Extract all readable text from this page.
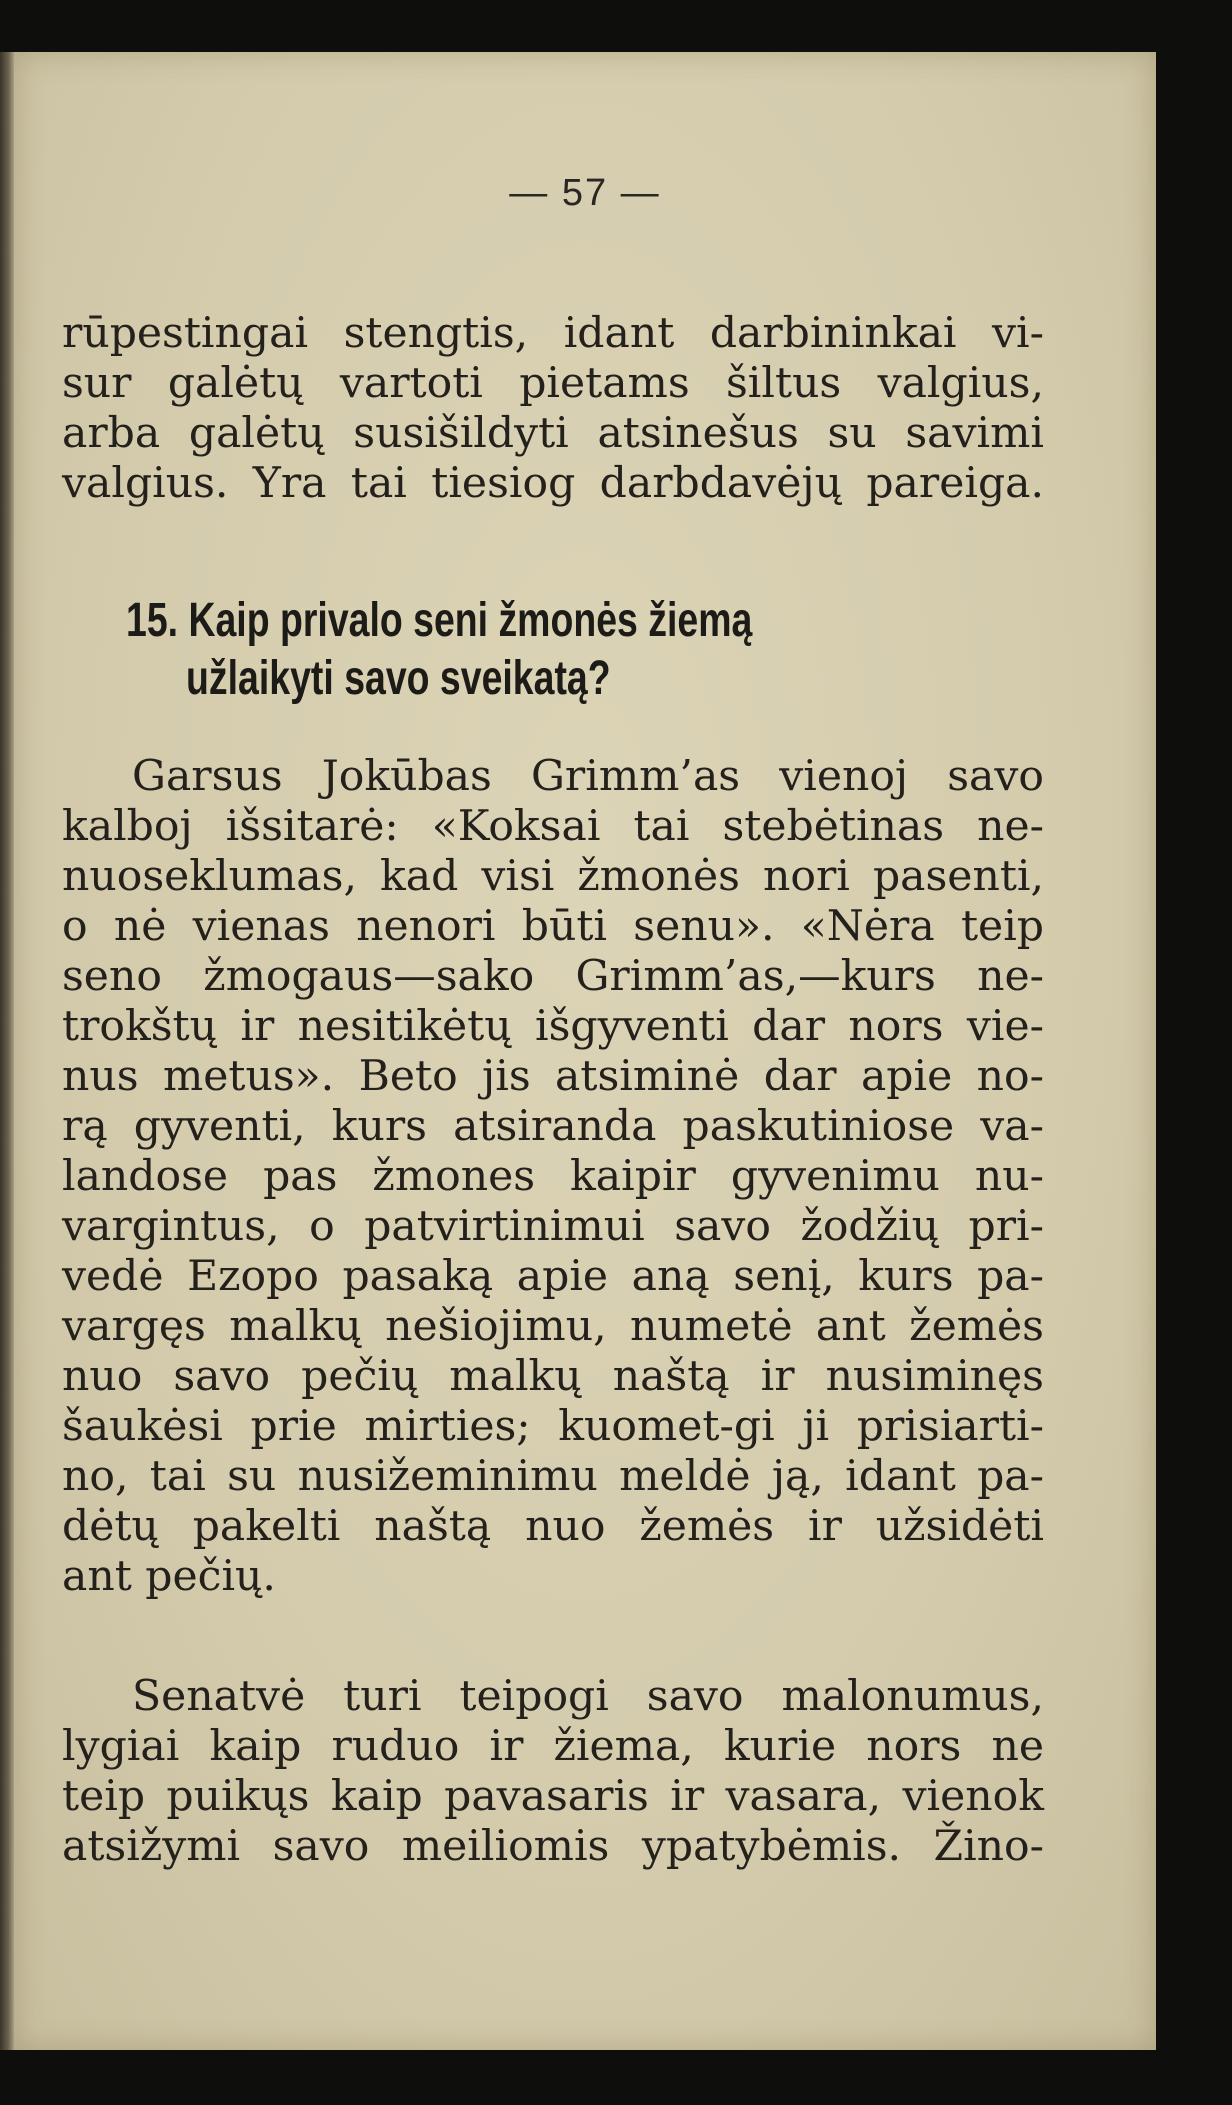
— 57 —
rūpestingai stengtis, idant darbininkai vi-
sur galėtų vartoti pietams šiltus valgius,
arba galėtų susišildyti atsinešus su savimi
valgius. Yra tai tiesiog darbdavėjų pareiga.
15. Kaip privalo seni žmonės žiemą
užlaikyti savo sveikatą?
Garsus Jokūbas Grimm’as vienoj savo
kalboj išsitarė: «Koksai tai stebėtinas ne-
nuoseklumas, kad visi žmonės nori pasenti,
o nė vienas nenori būti senu». «Nėra teip
seno žmogaus—sako Grimm’as,—kurs ne-
trokštų ir nesitikėtų išgyventi dar nors vie-
nus metus». Beto jis atsiminė dar apie no-
rą gyventi, kurs atsiranda paskutiniose va-
landose pas žmones kaipir gyvenimu nu-
vargintus, o patvirtinimui savo žodžių pri-
vedė Ezopo pasaką apie aną senį, kurs pa-
vargęs malkų nešiojimu, numetė ant žemės
nuo savo pečių malkų naštą ir nusiminęs
šaukėsi prie mirties; kuomet-gi ji prisiarti-
no, tai su nusižeminimu meldė ją, idant pa-
dėtų pakelti naštą nuo žemės ir užsidėti
ant pečių.
Senatvė turi teipogi savo malonumus,
lygiai kaip ruduo ir žiema, kurie nors ne
teip puikųs kaip pavasaris ir vasara, vienok
atsižymi savo meiliomis ypatybėmis. Žino-
